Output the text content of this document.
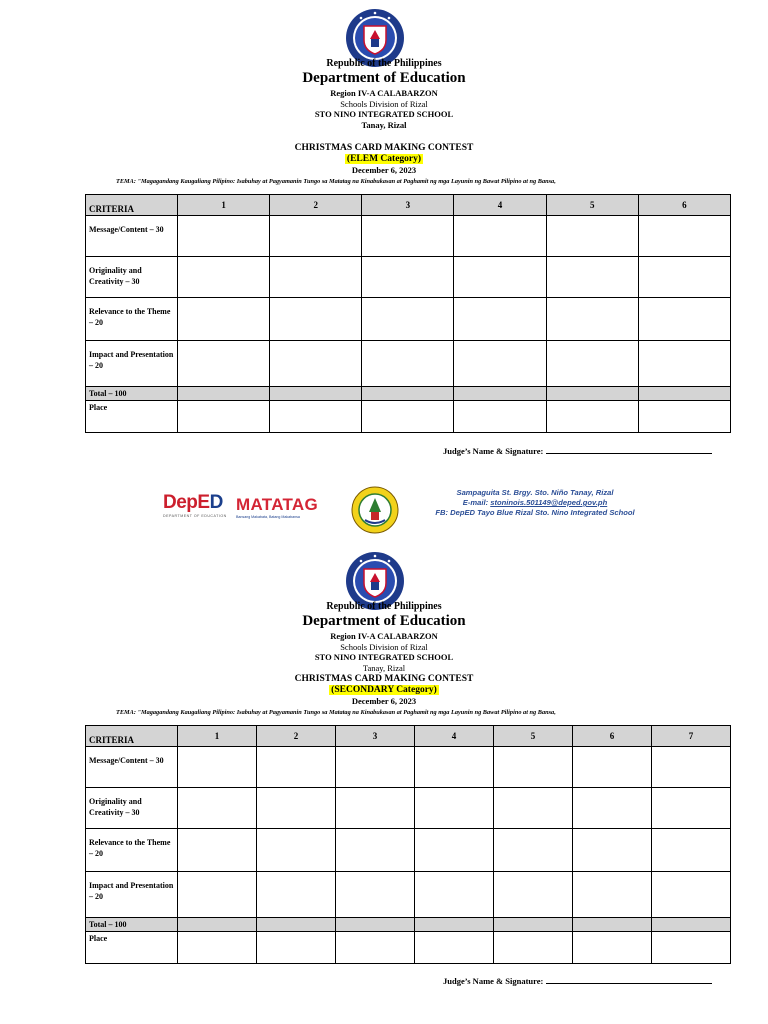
Republic of the Philippines
Department of Education
Region IV-A CALABARZON
Schools Division of Rizal
STO NINO INTEGRATED SCHOOL
Tanay, Rizal
CHRISTMAS CARD MAKING CONTEST
(ELEM Category)
December 6, 2023
TEMA: "Magagandang Kaugaliang Pilipino: Isabuhay at Pagyamanin Tungo sa Matatag na Kinabukasan at Paghamit ng mga Layunin ng Bawat Pilipino at ng Bansa,
CRITERIA	1	2	3	4	5	6
Message/Content – 30						
Originality and Creativity – 30						
Relevance to the Theme – 20						
Impact and Presentation – 20						
Total – 100						
Place						
Judge’s Name & Signature:
DepED
DEPARTMENT OF EDUCATION
MATATAG
Bansang Makabata, Batang Makabansa
Sampaguita St. Brgy. Sto. Niño Tanay, Rizal
E-mail: stoninois.501149@deped.gov.ph
FB: DepED Tayo Blue Rizal Sto. Nino Integrated School
Republic of the Philippines
Department of Education
Region IV-A CALABARZON
Schools Division of Rizal
STO NINO INTEGRATED SCHOOL
Tanay, Rizal
CHRISTMAS CARD MAKING CONTEST
(SECONDARY Category)
December 6, 2023
TEMA: "Magagandang Kaugaliang Pilipino: Isabuhay at Pagyamanin Tungo sa Matatag na Kinabukasan at Paghamit ng mga Layunin ng Bawat Pilipino at ng Bansa,
CRITERIA	1	2	3	4	5	6	7
Message/Content – 30							
Originality and Creativity – 30							
Relevance to the Theme – 20							
Impact and Presentation – 20							
Total – 100							
Place							
Judge’s Name & Signature:
